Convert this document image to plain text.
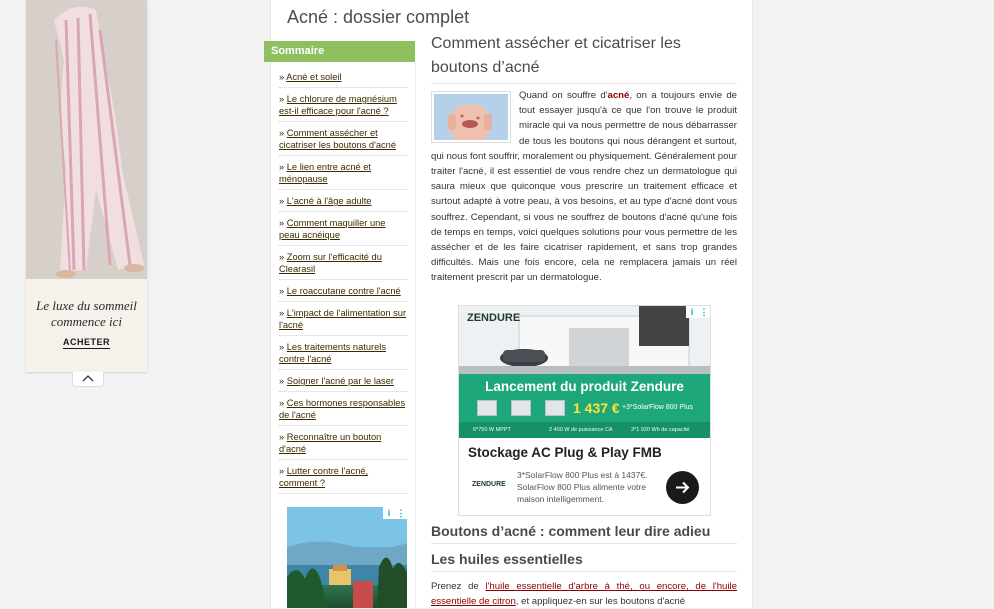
Le luxe du sommeil
commence ici
ACHETER
Acné : dossier complet
Sommaire
» Acné et soleil
» Le chlorure de magnésium est-il efficace pour l'acné ?
» Comment assécher et cicatriser les boutons d'acné
» Le lien entre acné et ménopause
» L'acné à l'âge adulte
» Comment maquiller une peau acnéique
» Zoom sur l'efficacité du Clearasil
» Le roaccutane contre l'acné
» L'impact de l'alimentation sur l'acné
» Les traitements naturels contre l'acné
» Soigner l'acné par le laser
» Ces hormones responsables de l'acné
» Reconnaître un bouton d'acné
» Lutter contre l'acné, comment ?
i ⋮
Comment assécher et cicatriser les boutons d’acné
Quand on souffre d'acné, on a toujours envie de tout essayer jusqu'à ce que l'on trouve le produit miracle qui va nous permettre de nous débarrasser de tous les boutons qui nous dérangent et surtout, qui nous font souffrir, moralement ou physiquement. Généralement pour traiter l'acné, il est essentiel de vous rendre chez un dermatologue qui saura mieux que quiconque vous prescrire un traitement efficace et surtout adapté à votre peau, à vos besoins, et au type d'acné dont vous souffrez. Cependant, si vous ne souffrez de boutons d'acné qu'une fois de temps en temps, voici quelques solutions pour vous permettre de les assécher et de les faire cicatriser rapidement, et sans trop grandes difficultés. Mais une fois encore, cela ne remplacera jamais un réel traitement prescrit par un dermatologue.
ZENDURE	i ⋮
Lancement du produit Zendure
1 437 € +3*SolarFlow 800 Plus
6*750 W MPPT	2 400 W de puissance CA	3*1 920 Wh de capacité
Stockage AC Plug & Play FMB
ZENDURE
3*SolarFlow 800 Plus est à 1437€. SolarFlow 800 Plus alimente votre maison intelligemment.
Boutons d’acné : comment leur dire adieu
Les huiles essentielles
Prenez de l'huile essentielle d'arbre à thé, ou encore, de l'huile essentielle de citron, et appliquez-en sur les boutons d'acné
